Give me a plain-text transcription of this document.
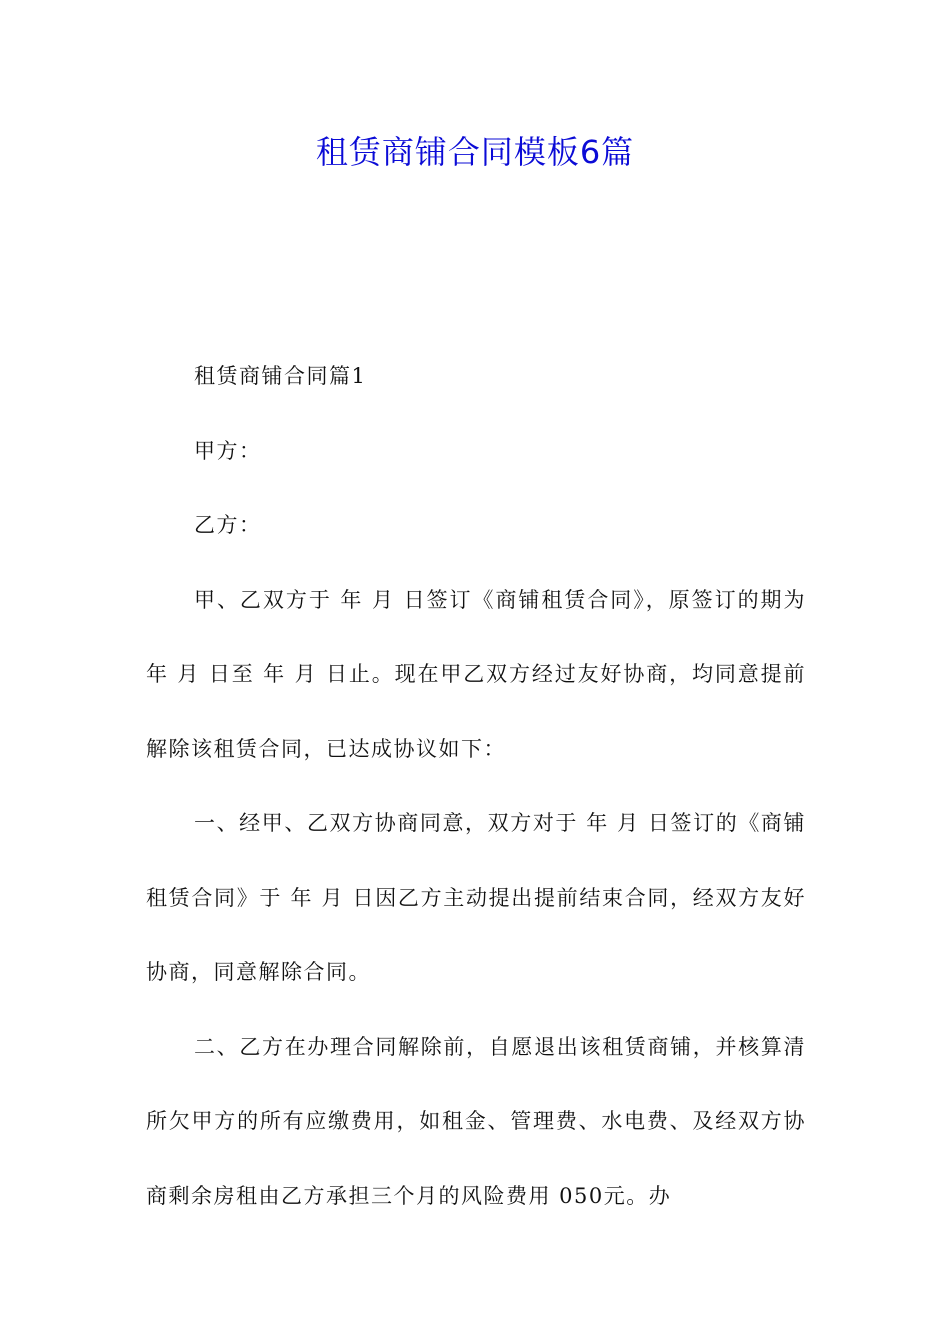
租赁商铺合同模板6篇

租赁商铺合同篇1

甲方：

乙方：

甲、乙双方于 年 月 日签订《商铺租赁合同》，原签订的期为 年 月 日至 年 月 日止。现在甲乙双方经过友好协商，均同意提前解除该租赁合同，已达成协议如下：

一、经甲、乙双方协商同意，双方对于 年 月 日签订的《商铺租赁合同》于 年 月 日因乙方主动提出提前结束合同，经双方友好协商，同意解除合同。

二、乙方在办理合同解除前，自愿退出该租赁商铺，并核算清所欠甲方的所有应缴费用，如租金、管理费、水电费、及经双方协商剩余房租由乙方承担三个月的风险费用 050元。办
